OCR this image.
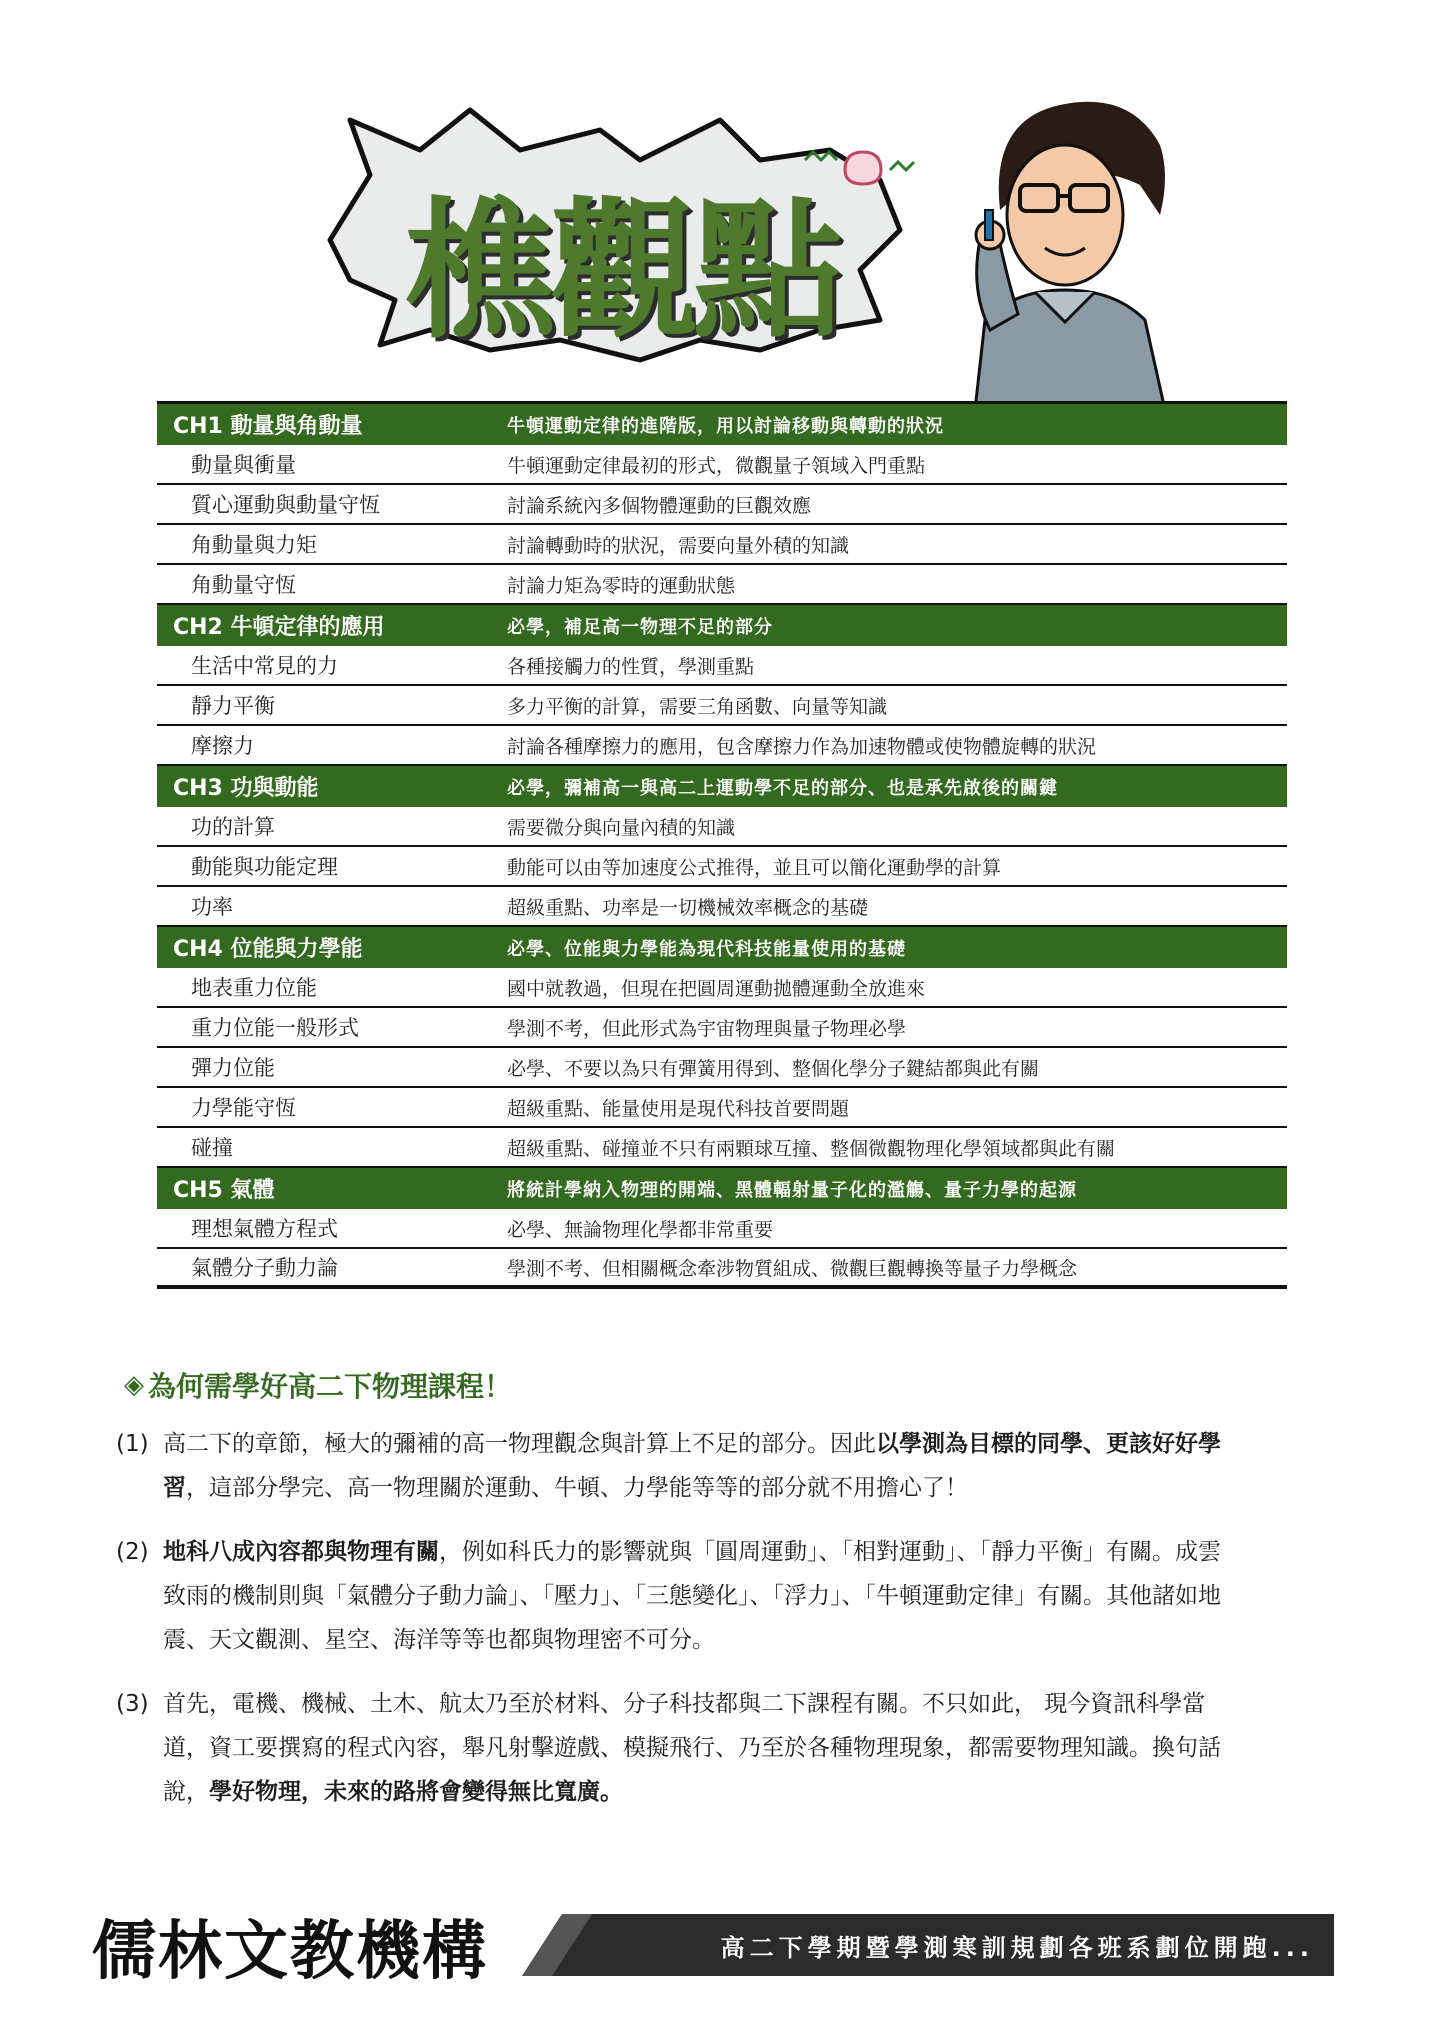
樵觀點
CH1 動量與角動量	牛頓運動定律的進階版，用以討論移動與轉動的狀況
動量與衝量	牛頓運動定律最初的形式，微觀量子領域入門重點
質心運動與動量守恆	討論系統內多個物體運動的巨觀效應
角動量與力矩	討論轉動時的狀況，需要向量外積的知識
角動量守恆	討論力矩為零時的運動狀態
CH2 牛頓定律的應用	必學，補足高一物理不足的部分
生活中常見的力	各種接觸力的性質，學測重點
靜力平衡	多力平衡的計算，需要三角函數、向量等知識
摩擦力	討論各種摩擦力的應用，包含摩擦力作為加速物體或使物體旋轉的狀況
CH3 功與動能	必學，彌補高一與高二上運動學不足的部分、也是承先啟後的關鍵
功的計算	需要微分與向量內積的知識
動能與功能定理	動能可以由等加速度公式推得，並且可以簡化運動學的計算
功率	超級重點、功率是一切機械效率概念的基礎
CH4 位能與力學能	必學、位能與力學能為現代科技能量使用的基礎
地表重力位能	國中就教過，但現在把圓周運動拋體運動全放進來
重力位能一般形式	學測不考，但此形式為宇宙物理與量子物理必學
彈力位能	必學、不要以為只有彈簧用得到、整個化學分子鍵結都與此有關
力學能守恆	超級重點、能量使用是現代科技首要問題
碰撞	超級重點、碰撞並不只有兩顆球互撞、整個微觀物理化學領域都與此有關
CH5 氣體	將統計學納入物理的開端、黑體輻射量子化的濫觴、量子力學的起源
理想氣體方程式	必學、無論物理化學都非常重要
氣體分子動力論	學測不考、但相關概念牽涉物質組成、微觀巨觀轉換等量子力學概念
◈ 為何需學好高二下物理課程！
(1) 高二下的章節，極大的彌補的高一物理觀念與計算上不足的部分。因此以學測為目標的同學、更該好好學習，這部分學完、高一物理關於運動、牛頓、力學能等等的部分就不用擔心了！
(2) 地科八成內容都與物理有關，例如科氏力的影響就與「圓周運動」、「相對運動」、「靜力平衡」有關。成雲致雨的機制則與「氣體分子動力論」、「壓力」、「三態變化」、「浮力」、「牛頓運動定律」有關。其他諸如地震、天文觀測、星空、海洋等等也都與物理密不可分。
(3) 首先，電機、機械、土木、航太乃至於材料、分子科技都與二下課程有關。不只如此， 現今資訊科學當道，資工要撰寫的程式內容，舉凡射擊遊戲、模擬飛行、乃至於各種物理現象，都需要物理知識。換句話說，學好物理，未來的路將會變得無比寬廣。
儒林文教機構	高二下學期暨學測寒訓規劃各班系劃位開跑...
